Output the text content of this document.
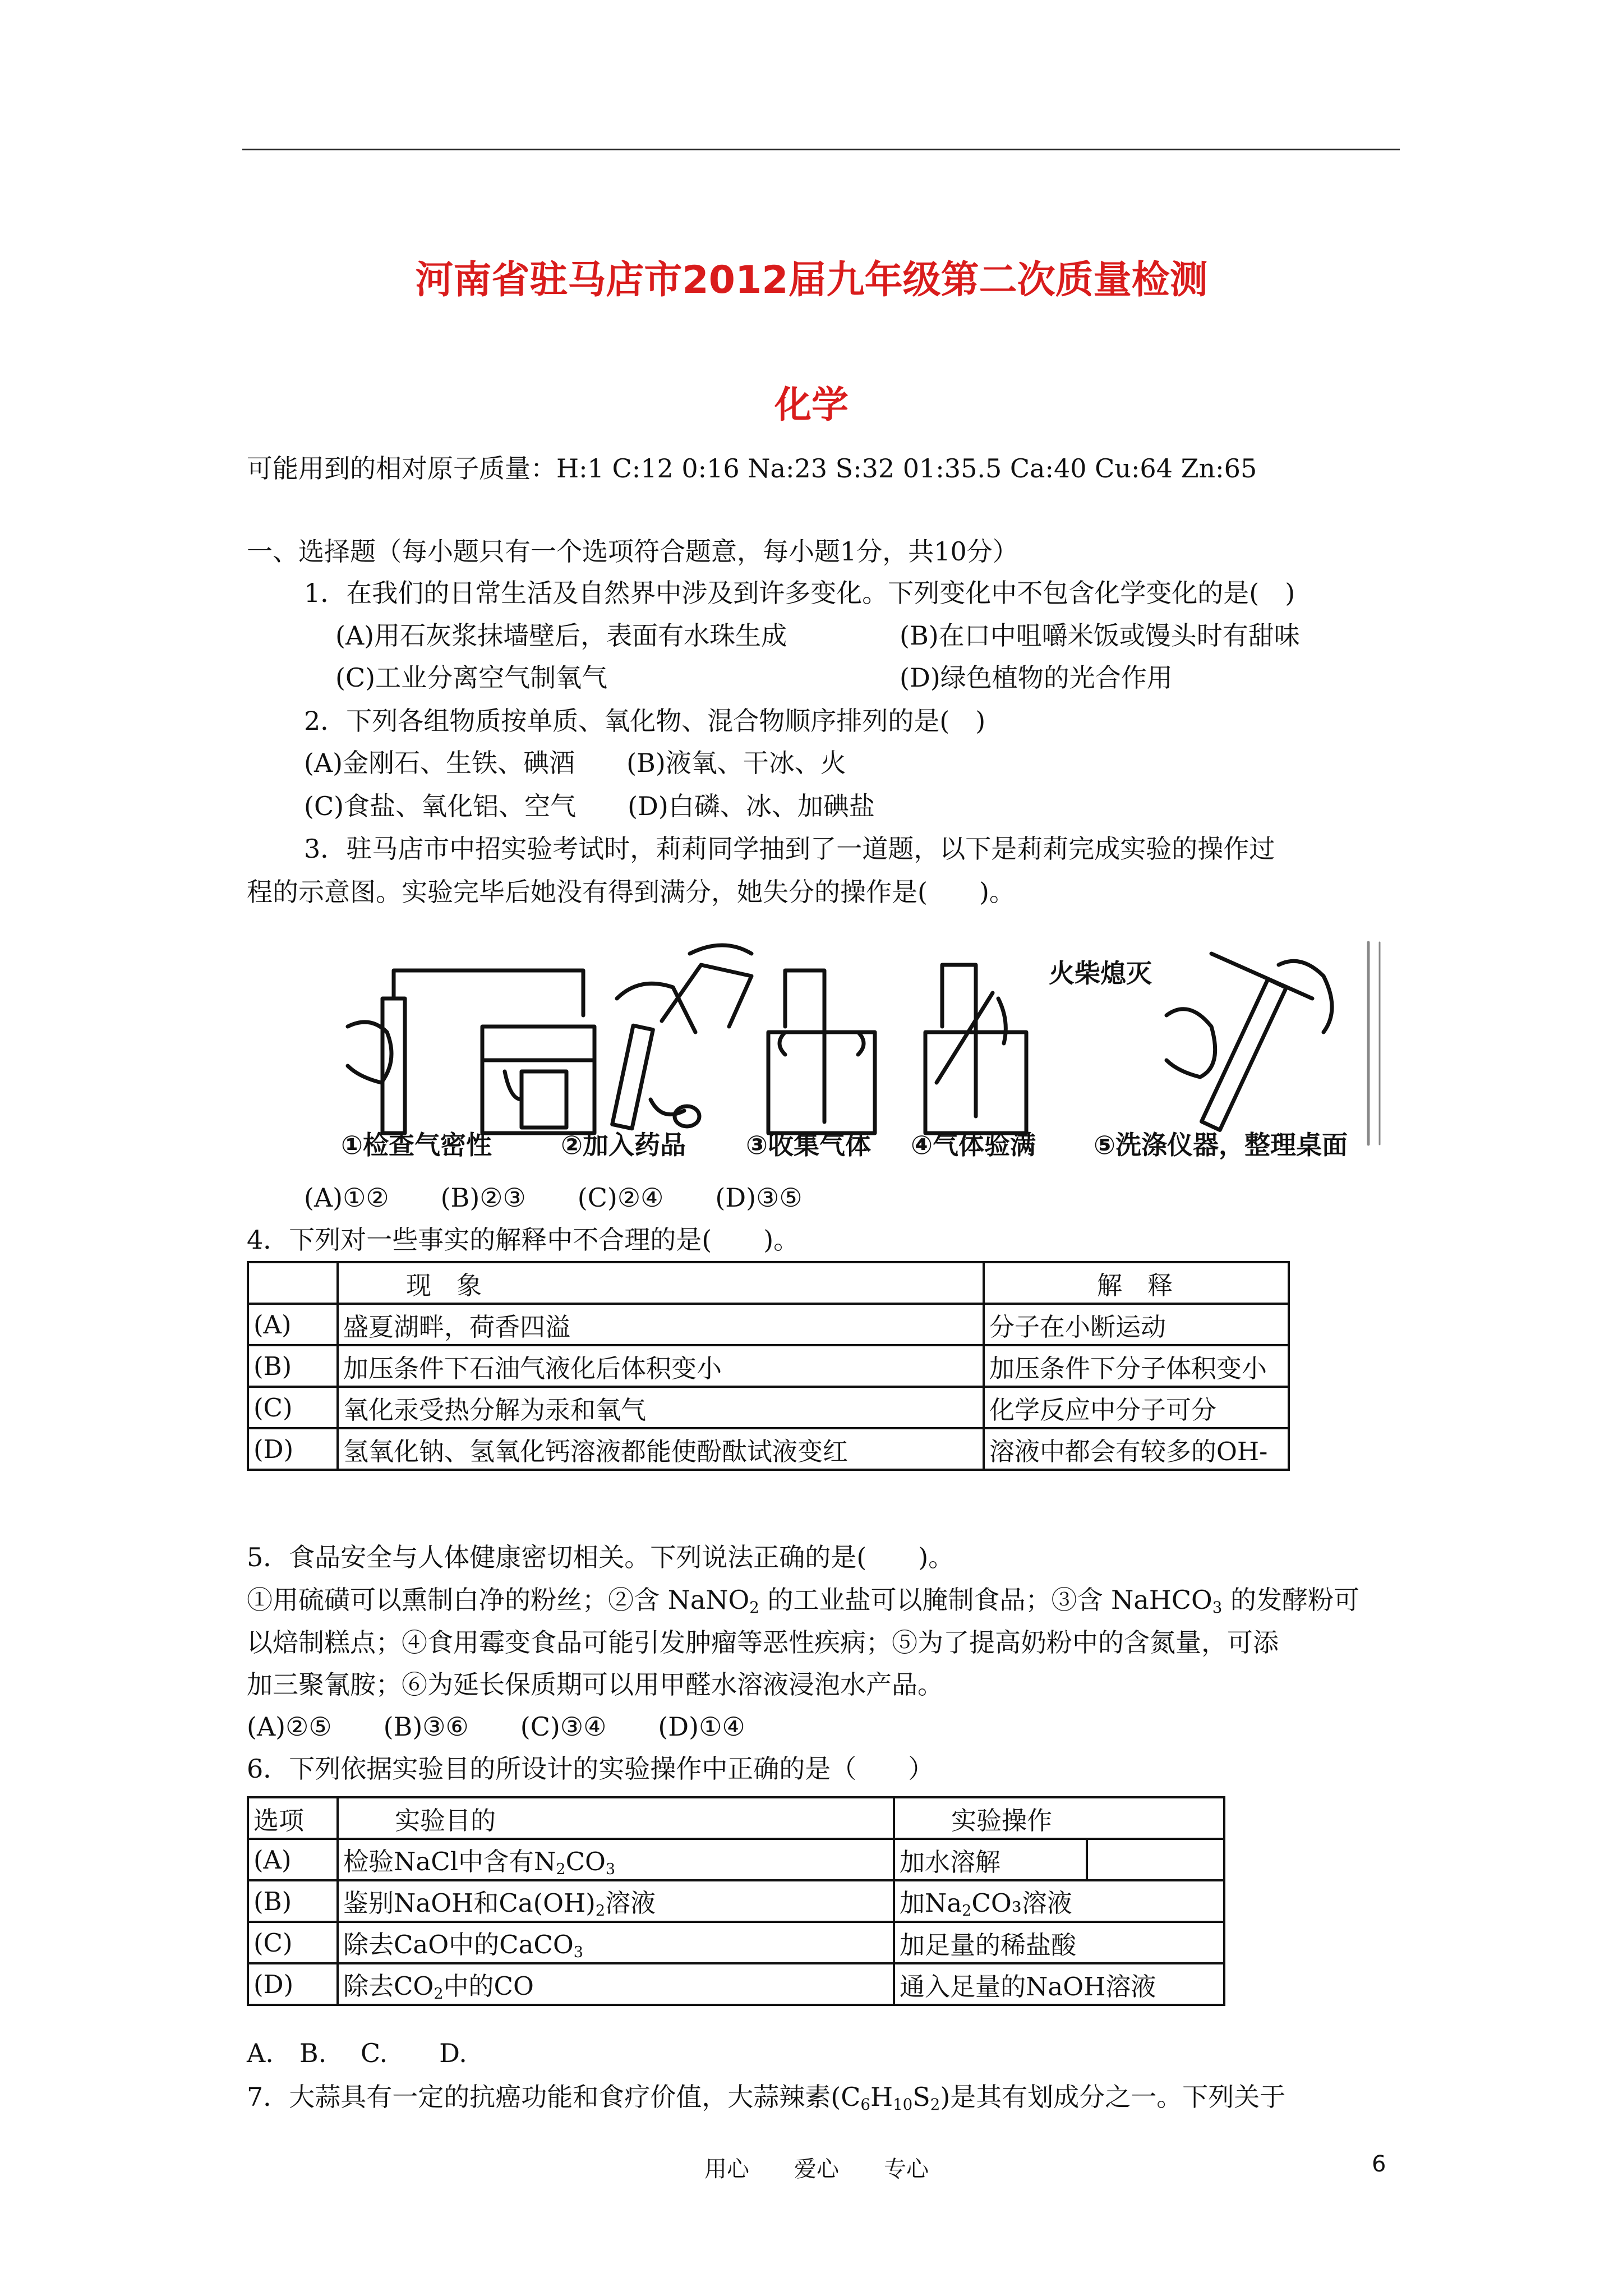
河南省驻马店市2012届九年级第二次质量检测
化学
可能用到的相对原子质量：H:1 C:12 0:16 Na:23 S:32 01:35.5 Ca:40 Cu:64 Zn:65
一、选择题（每小题只有一个选项符合题意，每小题1分，共10分）
1．在我们的日常生活及自然界中涉及到许多变化。下列变化中不包含化学变化的是(　)
(A)用石灰浆抹墙壁后，表面有水珠生成	(B)在口中咀嚼米饭或馒头时有甜味
(C)工业分离空气制氧气	(D)绿色植物的光合作用
2．下列各组物质按单质、氧化物、混合物顺序排列的是(　)
(A)金刚石、生铁、碘酒　　(B)液氧、干冰、火
(C)食盐、氧化铝、空气　　(D)白磷、冰、加碘盐
3．驻马店市中招实验考试时，莉莉同学抽到了一道题，以下是莉莉完成实验的操作过
程的示意图。实验完毕后她没有得到满分，她失分的操作是(　　)。
火柴熄灭
①检查气密性	②加入药品 ③收集气体 ④气体验满 ⑤洗涤仪器，整理桌面
(A)①②　　(B)②③　　(C)②④　　(D)③⑤
4．下列对一些事实的解释中不合理的是(　　)。
	现　象	解　释
(A)	盛夏湖畔，荷香四溢	分子在小断运动
(B)	加压条件下石油气液化后体积变小	加压条件下分子体积变小
(C)	氧化汞受热分解为汞和氧气	化学反应中分子可分
(D)	氢氧化钠、氢氧化钙溶液都能使酚酞试液变红	溶液中都会有较多的OH-
5．食品安全与人体健康密切相关。下列说法正确的是(　　)。
①用硫磺可以熏制白净的粉丝；②含 NaNO$_2$ 的工业盐可以腌制食品；③含 NaHCO$_3$ 的发酵粉可
以焙制糕点；④食用霉变食品可能引发肿瘤等恶性疾病；⑤为了提高奶粉中的含氮量，可添
加三聚氰胺；⑥为延长保质期可以用甲醛水溶液浸泡水产品。
(A)②⑤　　(B)③⑥　　(C)③④　　(D)①④
6．下列依据实验目的所设计的实验操作中正确的是（　　）
选项	实验目的	实验操作
(A)	检验NaCl中含有$N_2CO_3$	加水溶解

(B)	鉴别NaOH和$Ca(OH)_2$溶液	加$Na_2CO_3$溶液
(C)	除去CaO中的CaCO$_3$	加足量的稀盐酸
(D)	除去$CO_2$中的CO	通入足量的NaOH溶液
A.　B.　 C.　　D.
7．大蒜具有一定的抗癌功能和食疗价值，大蒜辣素$(C_6H_{10}S_2)$是其有划成分之一。下列关于
用心　　爱心　　专心	6
